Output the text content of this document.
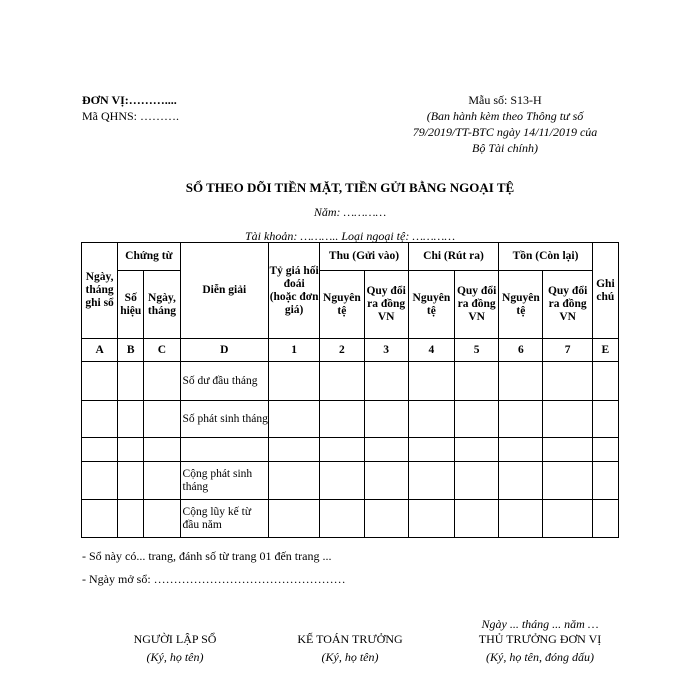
ĐƠN VỊ:………....
Mã QHNS: ……….
Mẫu số: S13-H
(Ban hành kèm theo Thông tư số
79/2019/TT-BTC ngày 14/11/2019 của
Bộ Tài chính)
SỔ THEO DÕI TIỀN MẶT, TIỀN GỬI BẰNG NGOẠI TỆ
Năm: …………
Tài khoản: ……….. Loại ngoại tệ: …………
Ngày, tháng ghi sổ	Chứng từ		Diễn giải	Tỷ giá hối đoái (hoặc đơn giá)	Thu (Gửi vào)		Chi (Rút ra)		Tồn (Còn lại)		Ghi chú
	Số hiệu	Ngày, tháng			Nguyên tệ	Quy đổi ra đồng VN	Nguyên tệ	Quy đổi ra đồng VN	Nguyên tệ	Quy đổi ra đồng VN	
A	B	C	D	1	2	3	4	5	6	7	E
			Số dư đầu tháng								
			Số phát sinh tháng								

			Cộng phát sinh tháng								
			Cộng lũy kế từ đầu năm								
- Sổ này có... trang, đánh số từ trang 01 đến trang ...
- Ngày mở sổ: …………………………………………
Ngày ... tháng ... năm …
NGƯỜI LẬP SỔ
(Ký, họ tên)
KẾ TOÁN TRƯỞNG
(Ký, họ tên)
THỦ TRƯỞNG ĐƠN VỊ
(Ký, họ tên, đóng dấu)
